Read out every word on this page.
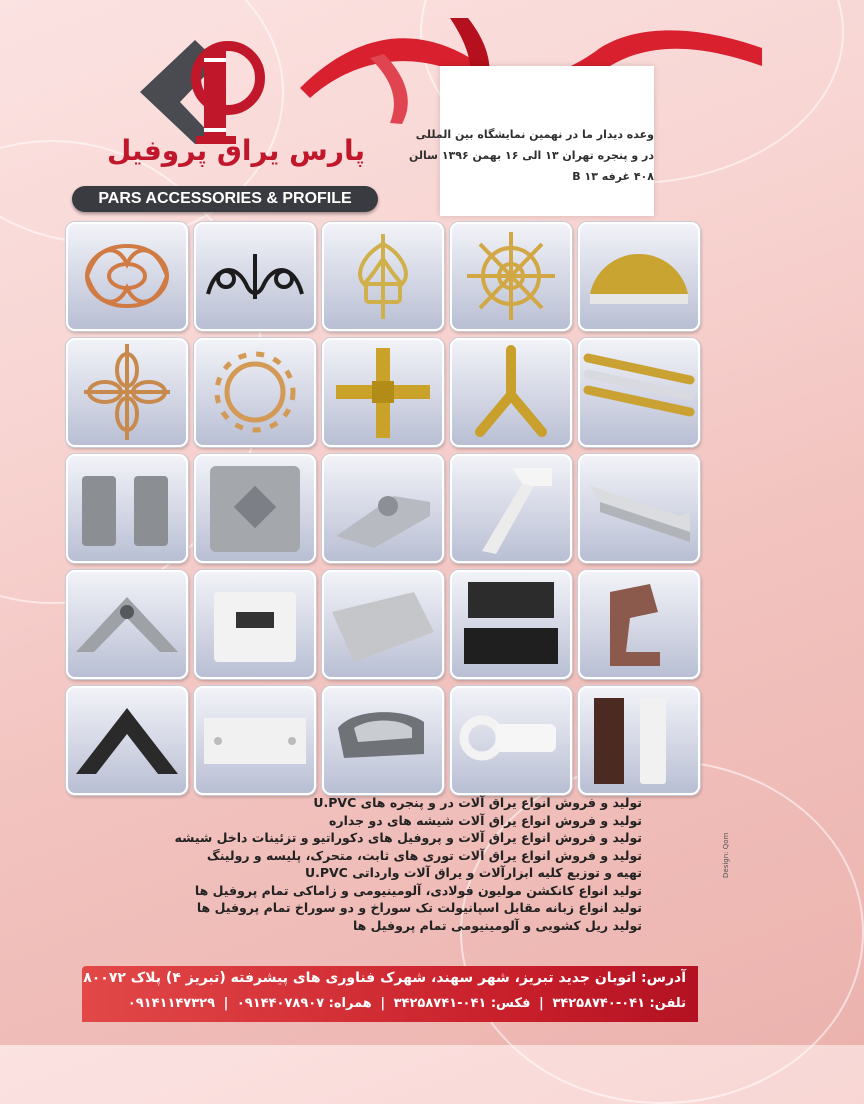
پارس یراق پروفیل
PARS ACCESSORIES & PROFILE
وعده دیدار ما در نهمین نمایشگاه بین المللی
در و پنجره تهران ۱۳ الی ۱۶ بهمن ۱۳۹۶ سالن
۴۰۸ غرفه ۱۳ B
تولید و فروش انواع یراق آلات در و پنجره های U.PVC
تولید و فروش انواع یراق آلات شیشه های دو جداره
تولید و فروش انواع یراق آلات و پروفیل های دکوراتیو و تزئینات داخل شیشه
تولید و فروش انواع یراق آلات توری های ثابت، متحرک، پلیسه و رولینگ
تهیه و توزیع کلیه ابزارآلات و یراق آلات وارداتی U.PVC
تولید انواع کانکشن مولیون فولادی، آلومینیومی و زاماکی تمام پروفیل ها
تولید انواع زبانه مقابل اسپانیولت تک سوراخ و دو سوراخ تمام پروفیل ها
تولید ریل کشویی و آلومینیومی تمام پروفیل ها
Design: Qom
آدرس: اتوبان جدید تبریز، شهر سهند، شهرک فناوری های پیشرفته (تبریز ۴) پلاک ۸۰۰۷۲
تلفن: ۰۴۱-۳۴۲۵۸۷۴۰ | فکس: ۰۴۱-۳۴۲۵۸۷۴۱ | همراه: ۰۹۱۴۴۰۷۸۹۰۷ | ۰۹۱۴۱۱۴۷۳۲۹
